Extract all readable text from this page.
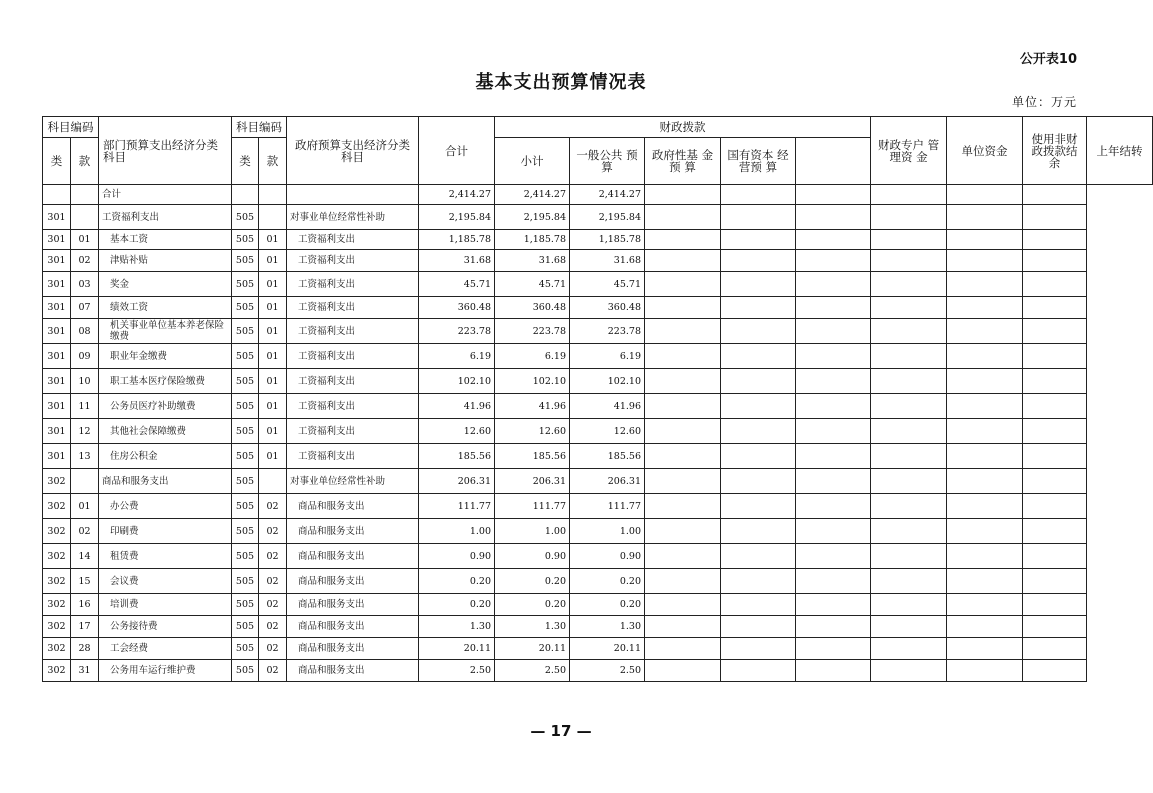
公开表10
基本支出预算情况表
单位：万元
科目编码		部门预算支出经济分类 科目	科目编码		政府预算支出经济分类 科目	合计	财政拨款					财政专户 管 理资 金	单位资金	使用非财 政拨款结 余	上年结转
类	款		类	款			小计	一般公共 预 算	政府性基 金 预 算	国有资本 经 营预 算					
		合计				2,414.27	2,414.27	2,414.27							
301		工资福利支出	505		对事业单位经常性补助	2,195.84	2,195.84	2,195.84							
301	01	基本工资	505	01	工资福利支出	1,185.78	1,185.78	1,185.78							
301	02	津贴补贴	505	01	工资福利支出	31.68	31.68	31.68							
301	03	奖金	505	01	工资福利支出	45.71	45.71	45.71							
301	07	绩效工资	505	01	工资福利支出	360.48	360.48	360.48							
301	08	机关事业单位基本养老保险缴费	505	01	工资福利支出	223.78	223.78	223.78							
301	09	职业年金缴费	505	01	工资福利支出	6.19	6.19	6.19							
301	10	职工基本医疗保险缴费	505	01	工资福利支出	102.10	102.10	102.10							
301	11	公务员医疗补助缴费	505	01	工资福利支出	41.96	41.96	41.96							
301	12	其他社会保障缴费	505	01	工资福利支出	12.60	12.60	12.60							
301	13	住房公积金	505	01	工资福利支出	185.56	185.56	185.56							
302		商品和服务支出	505		对事业单位经常性补助	206.31	206.31	206.31							
302	01	办公费	505	02	商品和服务支出	111.77	111.77	111.77							
302	02	印刷费	505	02	商品和服务支出	1.00	1.00	1.00							
302	14	租赁费	505	02	商品和服务支出	0.90	0.90	0.90							
302	15	会议费	505	02	商品和服务支出	0.20	0.20	0.20							
302	16	培训费	505	02	商品和服务支出	0.20	0.20	0.20							
302	17	公务接待费	505	02	商品和服务支出	1.30	1.30	1.30							
302	28	工会经费	505	02	商品和服务支出	20.11	20.11	20.11							
302	31	公务用车运行维护费	505	02	商品和服务支出	2.50	2.50	2.50							
— 17 —
